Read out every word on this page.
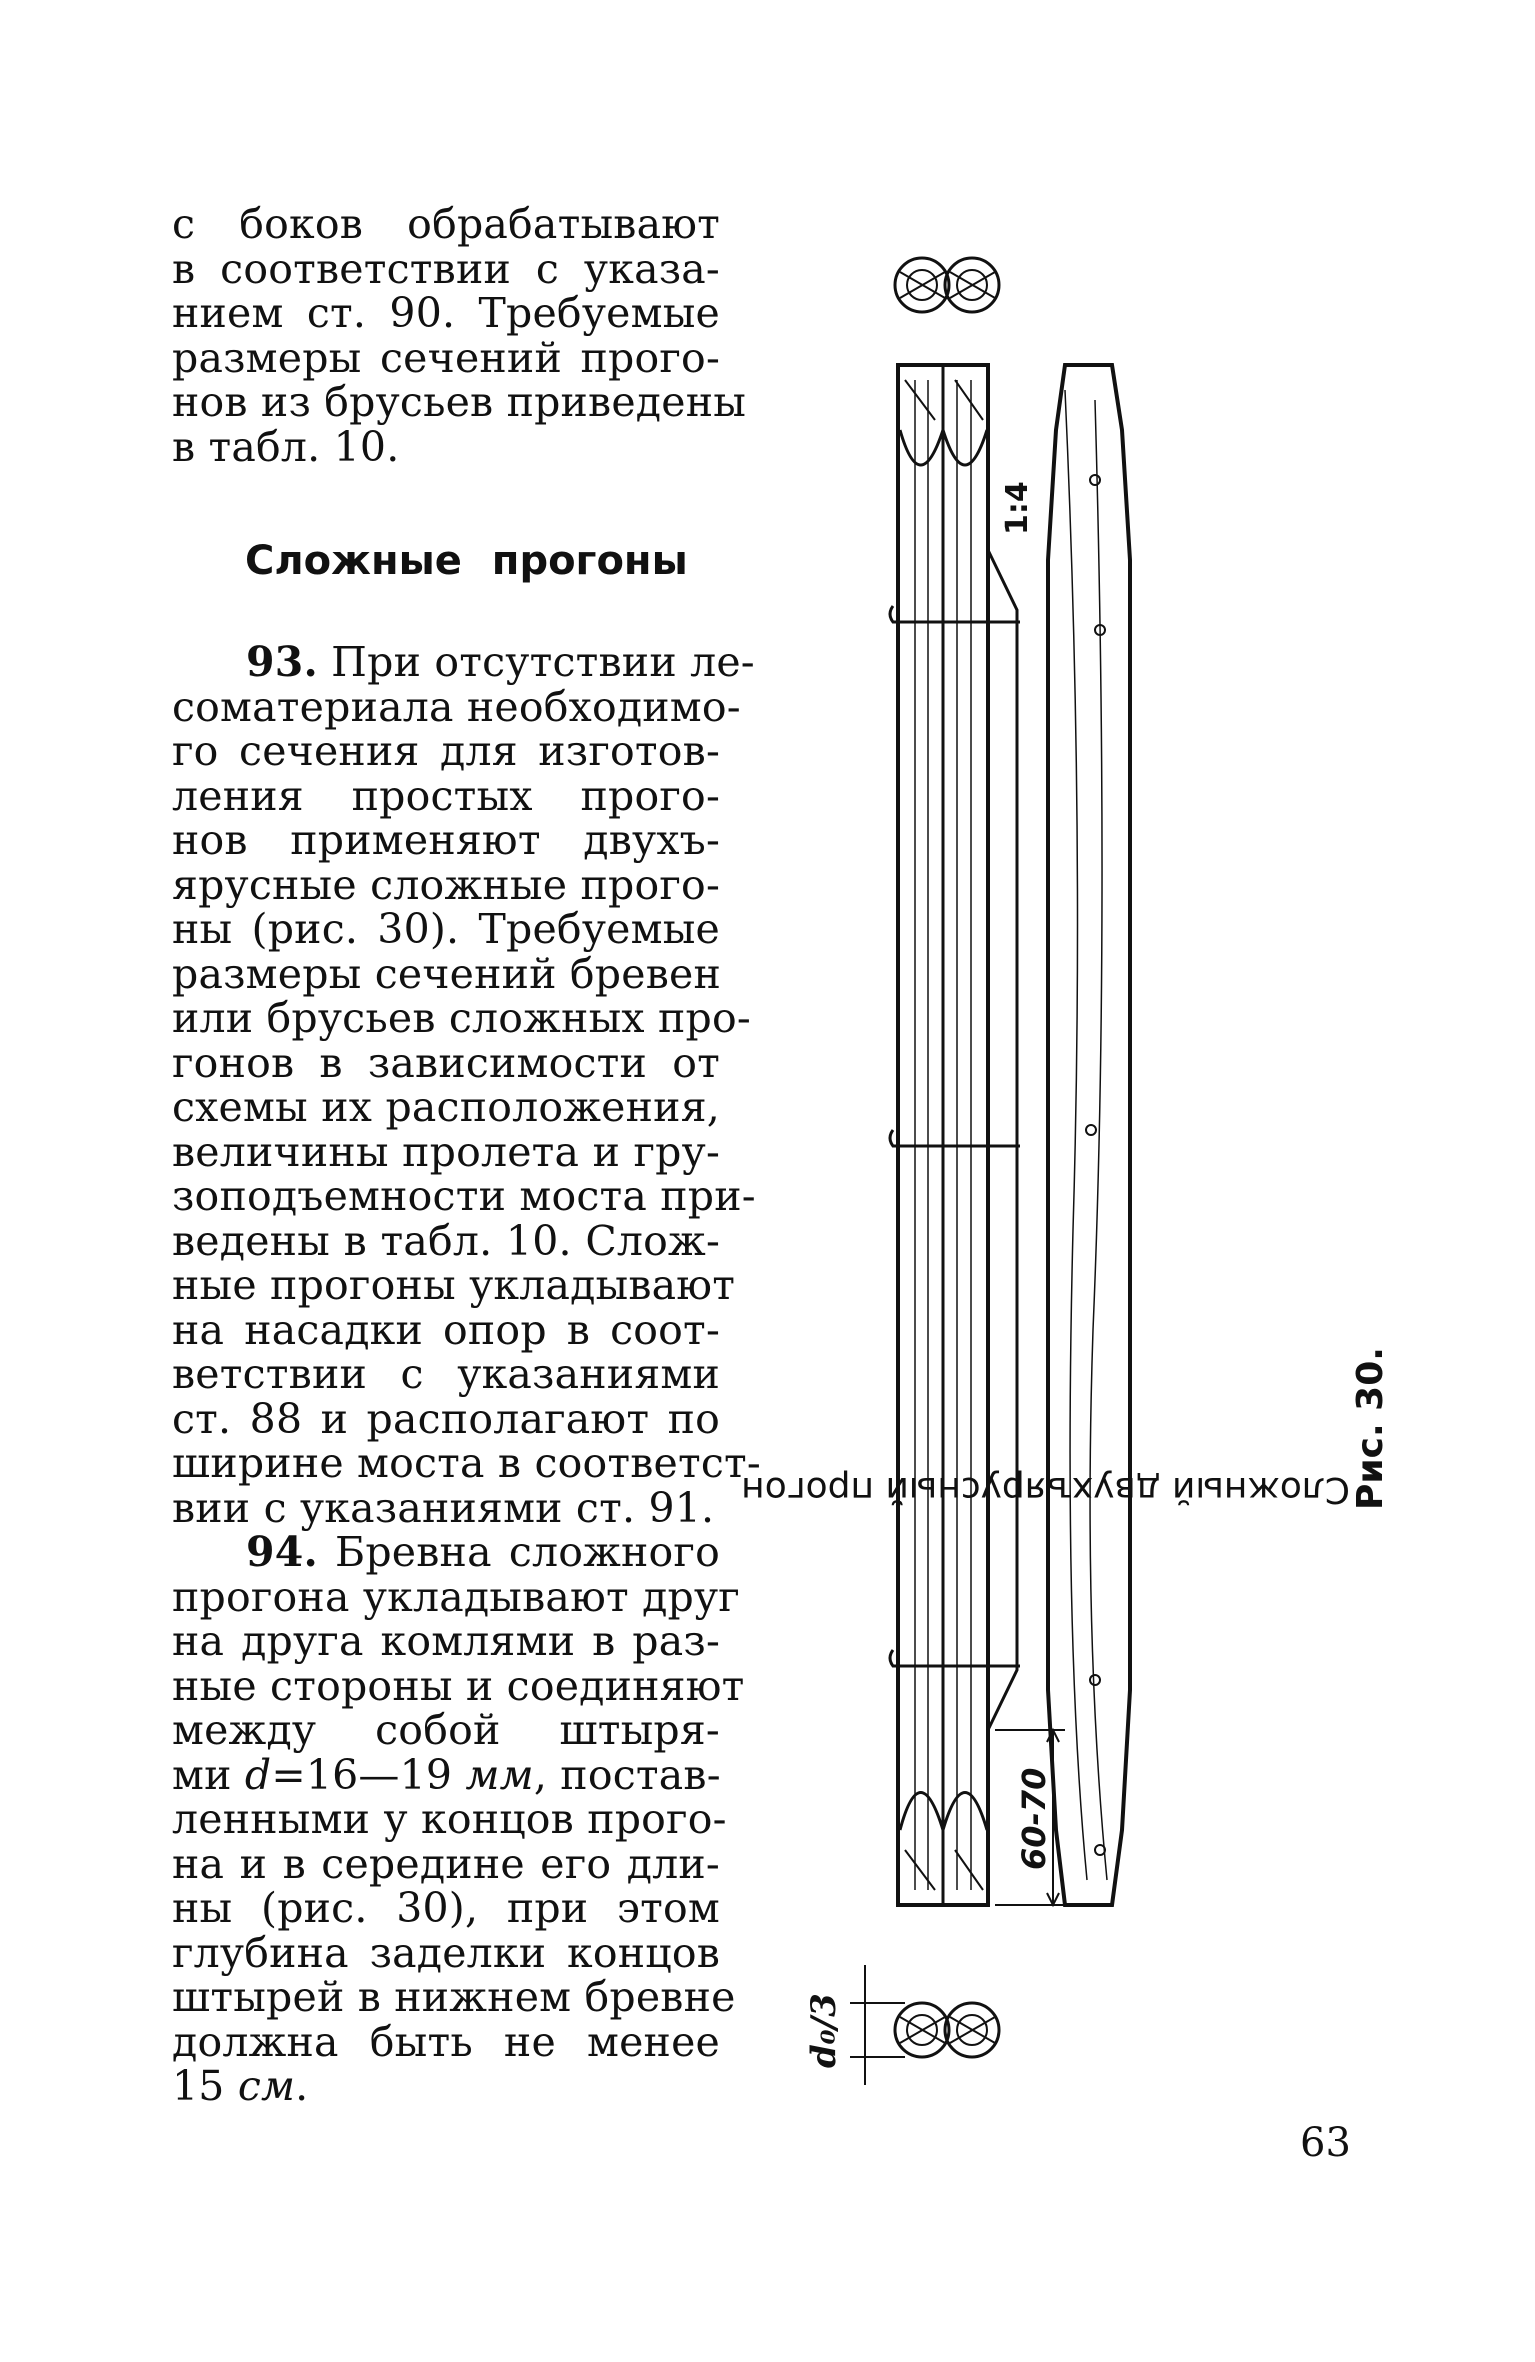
с боков обрабатывают
в соответствии с указа-
нием ст. 90. Требуемые
размеры сечений прого-
нов из брусьев приведены
в табл. 10.
Сложные прогоны
93. При отсутствии ле-
соматериала необходимо-
го сечения для изготов-
ления простых прого-
нов применяют двухъ-
ярусные сложные прого-
ны (рис. 30). Требуемые
размеры сечений бревен
или брусьев сложных про-
гонов в зависимости от
схемы их расположения,
величины пролета и гру-
зоподъемности моста при-
ведены в табл. 10. Слож-
ные прогоны укладывают
на насадки опор в соот-
ветствии с указаниями
ст. 88 и располагают по
ширине моста в соответст-
вии с указаниями ст. 91.
94. Бревна сложного
прогона укладывают друг
на друга комлями в раз-
ные стороны и соединяют
между собой штыря-
ми d=16—19 мм, постав-
ленными у концов прого-
на и в середине его дли-
ны (рис. 30), при этом
глубина заделки концов
штырей в нижнем бревне
должна быть не менее
15 см.
1:4
60-70
d₀/3
Рис. 30.
Сложный двухъярусный прогон
63
